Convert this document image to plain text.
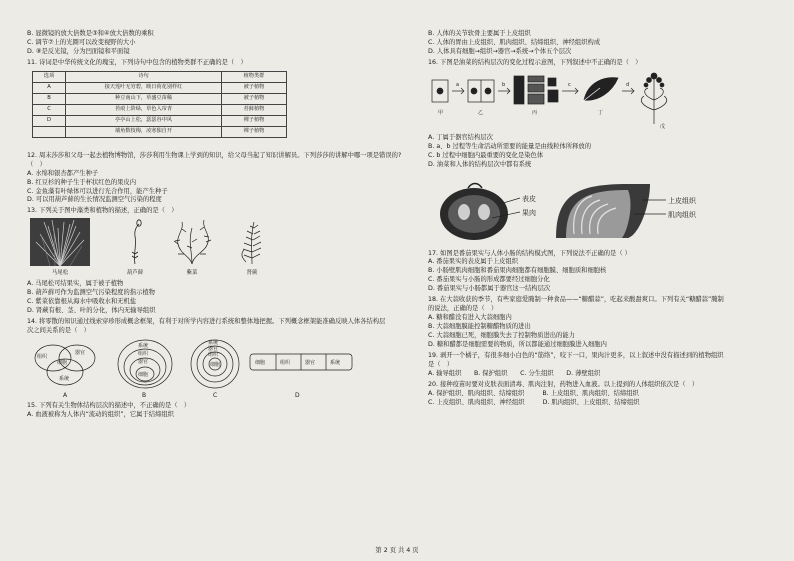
B. 显微镜的放大倍数是③和④放大倍数的乘积
C. 调节⑦上的光圈可以改变视野的大小
D. ⑧是反光镜，分为凹面镜和平面镜
11. 诗词是中华传统文化的瑰宝，下列诗句中包含的植物类群不正确的是（　）
选项	诗句	植物类群
A	接天莲叶无穷碧，映日荷花别样红	被子植物
B	种豆南山下，草盛豆苗稀	被子植物
C	苔痕上阶绿，草色入帘青	苔藓植物
D	亭亭山上松，瑟瑟谷中风	裸子植物
	墙角数枝梅，凌寒独自开	裸子植物
12. 周末莎莎和父母一起去植物博物馆，莎莎利用生物课上学到的知识，给父母当起了知识讲解员。下列莎莎的讲解中哪一项是错误的?
（　）
A. 水绵和银杏都产生种子
B. 红豆杉的种子生于杯状红色的果皮内
C. 金鱼藻有叶绿体可以进行光合作用，能产生种子
D. 可以用葫芦藓的生长情况监测空气污染的程度
13. 下列关于图中藻类和植物的描述，正确的是（　）
马尾松	葫芦藓	紫菜	肾蕨
A. 马尾松可结果实，属于被子植物
B. 葫芦藓可作为监测空气污染程度的指示植物
C. 紫菜依靠根从海水中吸收水和无机盐
D. 肾蕨有根、茎、叶的分化，体内无输导组织
14. 将零散的知识通过线索穿珍形成概念框架，有利于对所学内容进行系统和整体地把握。下列概念框架能准确反映人体各结构层
次之间关系的是（　）
组织
器官
细胞
系统
A
系统
组织
器官
细胞
B
系统
器官
组织
细胞
C
细胞	组织	器官	系统
D
15. 下列有关生物体结构层次的描述中，不正确的是（　）
A. 血液被称为人体内“流动的组织”，它属于结缔组织
B. 人体的关节软骨主要属于上皮组织
C. 人体的胃由上皮组织、肌肉组织、结缔组织、神经组织构成
D. 人体具有细胞→组织→器官→系统→个体五个层次
16. 下图是油菜的结构层次的变化过程示意图，下列叙述中不正确的是（　）
甲	乙	丙	丁
戊
a	b	c	d
A. 丁属于器官结构层次
B. a、b 过程等生命活动所需要的能量是由线粒体所释放的
C. b 过程中细胞内最重要的变化是染色体
D. 油菜和人体的结构层次中都有系统
表皮
果肉
上皮组织
肌肉组织
17. 如图是番茄果实与人体小肠的结构模式图，下列说法不正确的是（ ）
A. 番茄果实的表皮属于上皮组织
B. 小肠壁肌肉细胞和番茄果肉细胞都有细胞膜、细胞质和细胞核
C. 番茄果实与小肠的形成都要经过细胞分化
D. 番茄果实与小肠都属于器官这一结构层次
18. 在大蒜收获的季节，有些家庭爱腌制一种食品——“糖醋蒜”，吃起来酸甜爽口。下列有关“糖醋蒜”腌制
的说法，正确的是（　）
A. 糖和醋没有进入大蒜细胞内
B. 大蒜细胞膜能控制糖醋物质的进出
C. 大蒜细胞已死，细胞膜失去了控制物质进出的能力
D. 糖和醋都是细胞需要的物质，所以都能通过细胞膜进入细胞内
19. 剥开一个橘子，有很多细小白色的“筋络”，咬下一口，果肉汁更多，以上叙述中没有描述到的植物组织
是（　）
A. 输导组织　　B. 保护组织　　C. 分生组织　　D. 薄壁组织
20. 接种疫苗时要对皮肤表面清毒、肌肉注射，药物进入血液。以上提到的人体组织依次是（　）
A. 保护组织、肌肉组织、结缔组织	B. 上皮组织、肌肉组织、结缔组织
C. 上皮组织、肌肉组织、神经组织	D. 肌肉组织、上皮组织、结缔组织
第 2 页 共 4 页
